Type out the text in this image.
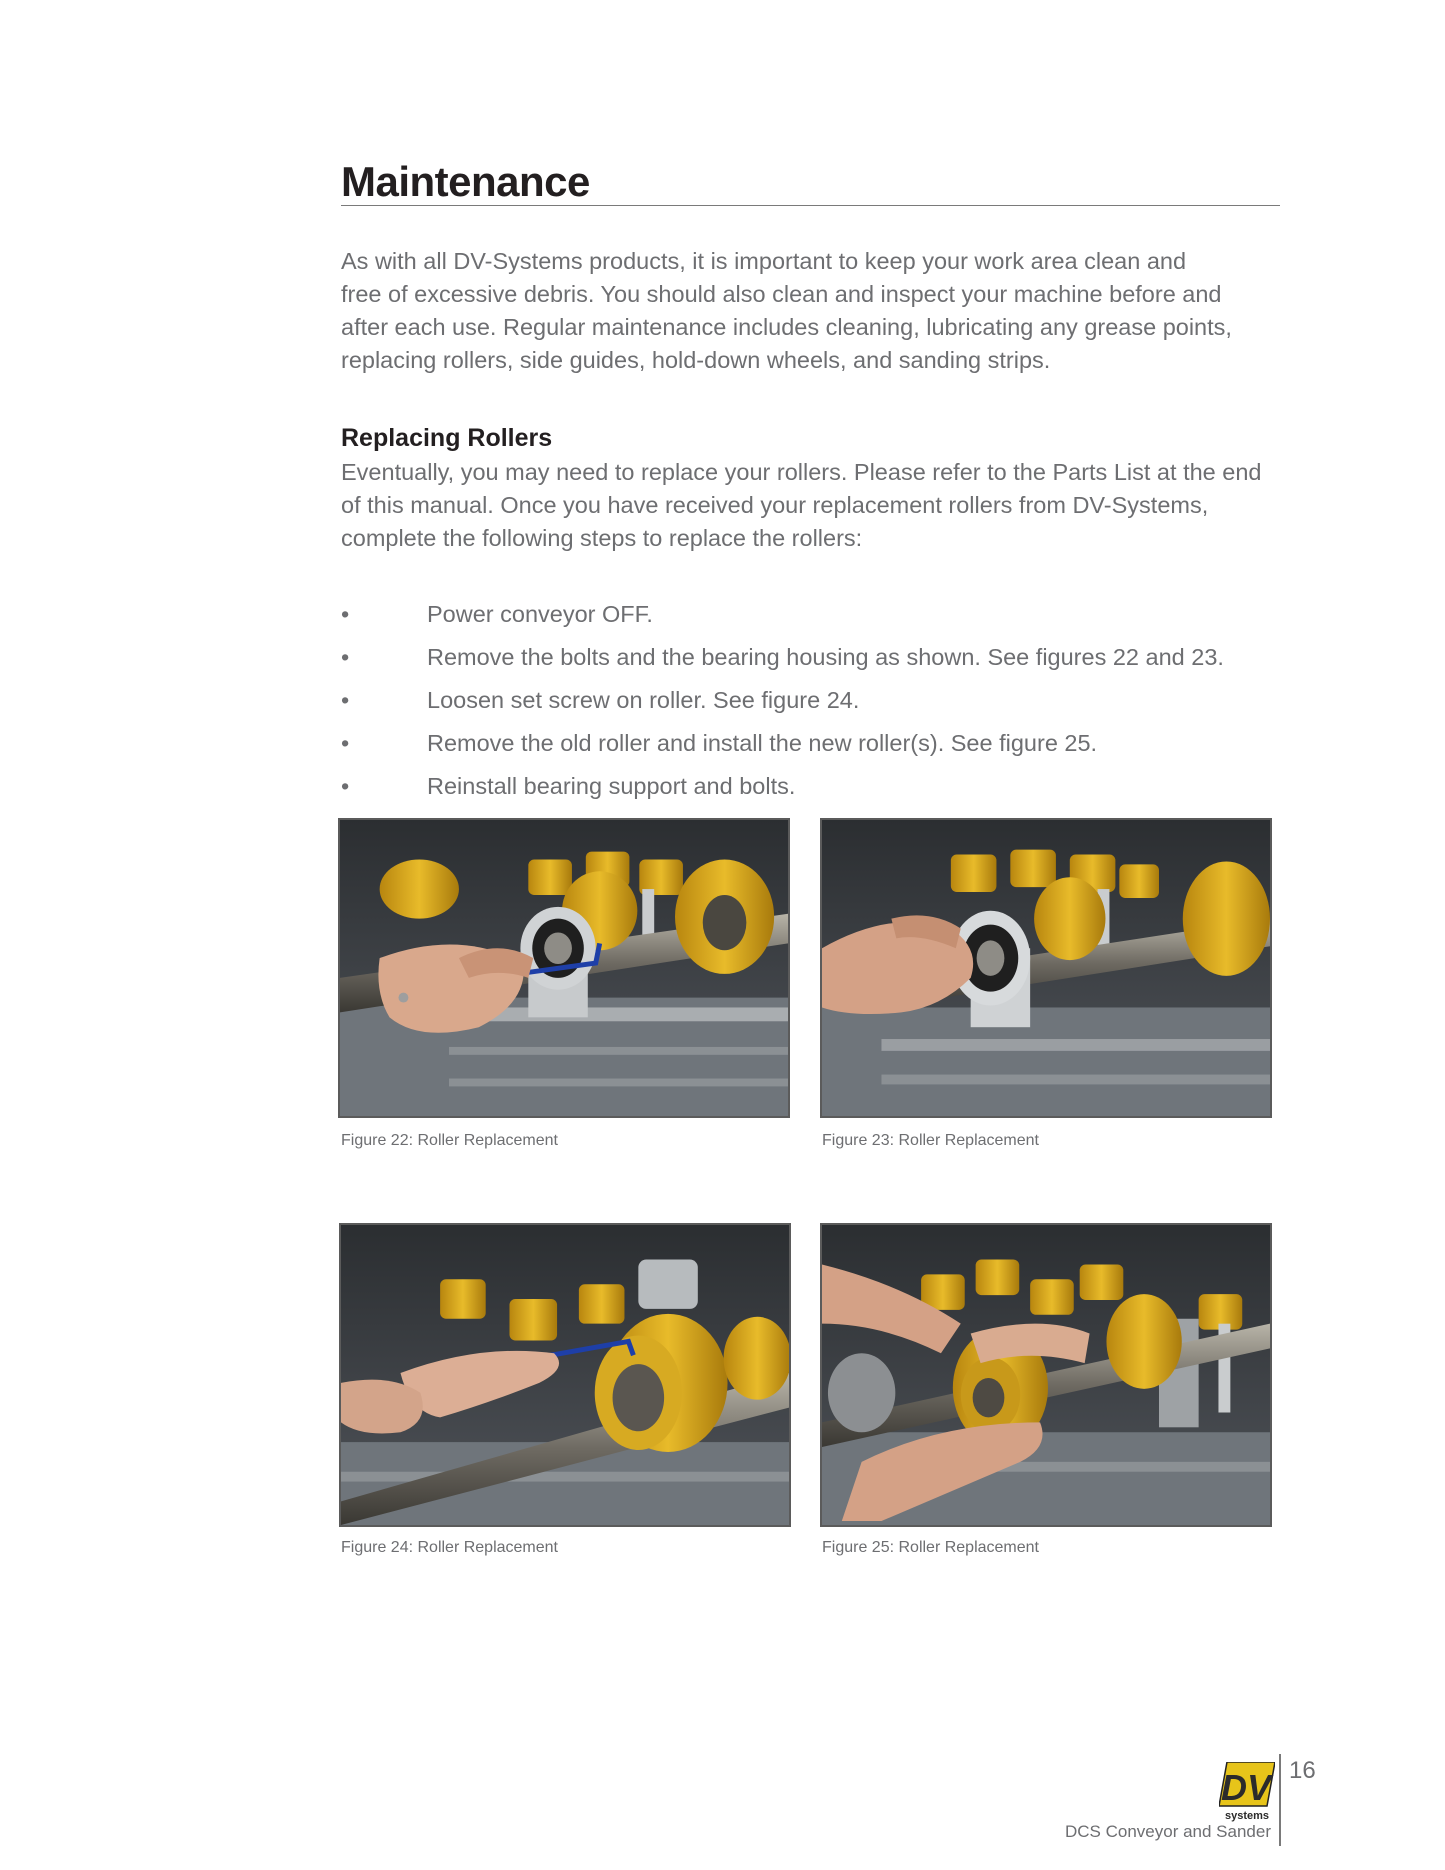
Maintenance

As with all DV-Systems products, it is important to keep your work area clean and
free of excessive debris. You should also clean and inspect your machine before and
after each use. Regular maintenance includes cleaning, lubricating any grease points,
replacing rollers, side guides, hold-down wheels, and sanding strips.

Replacing Rollers

Eventually, you may need to replace your rollers. Please refer to the Parts List at the end
of this manual. Once you have received your replacement rollers from DV-Systems,
complete the following steps to replace the rollers:

•	Power conveyor OFF.
•	Remove the bolts and the bearing housing as shown. See figures 22 and 23.
•	Loosen set screw on roller. See figure 24.
•	Remove the old roller and install the new roller(s). See figure 25.
•	Reinstall bearing support and bolts.
Figure 22: Roller Replacement	Figure 23: Roller Replacement
Figure 24: Roller Replacement	Figure 25: Roller Replacement
DV
systems
16
DCS Conveyor and Sander
